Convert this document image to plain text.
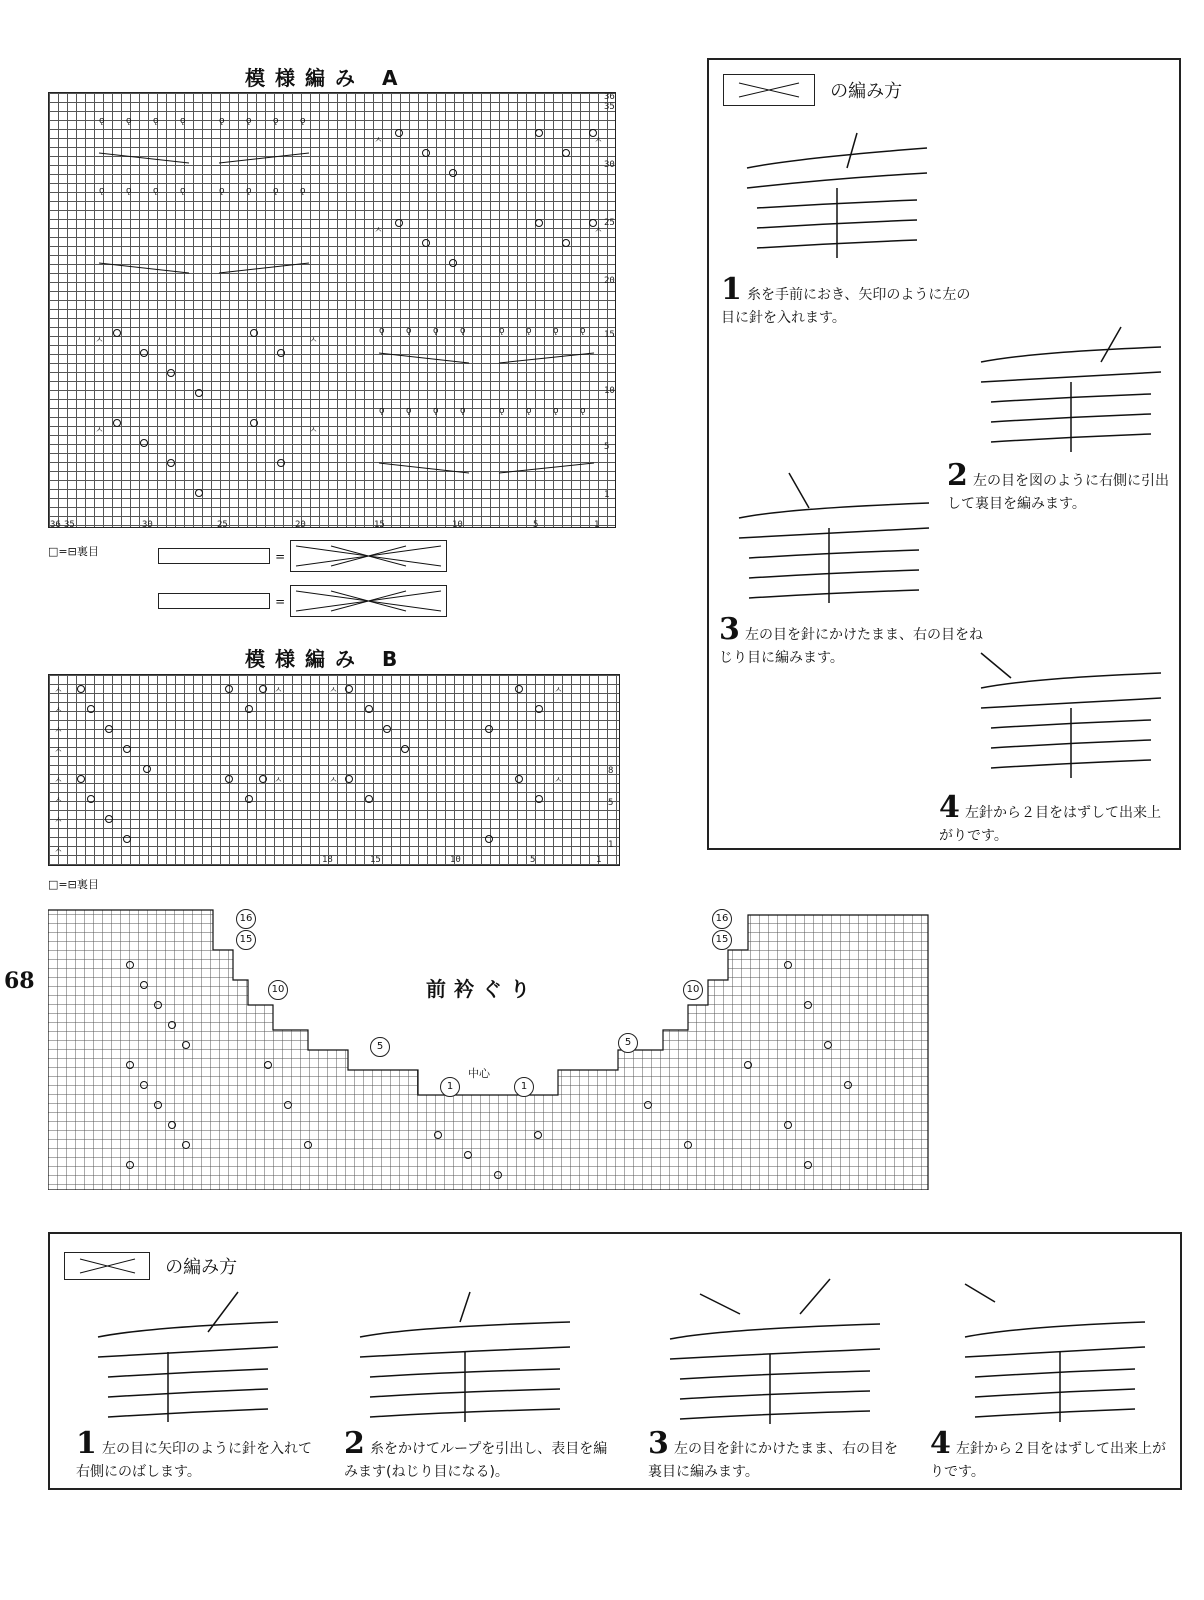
68
模様編み A
ǫ ǫ ǫ ǫ	ǫ ǫ ǫ ǫ
ǫ ǫ ǫ ǫ	ǫ ǫ ǫ ǫ
ǫ ǫ ǫ ǫ	ǫ ǫ ǫ ǫ
ǫ ǫ ǫ ǫ	ǫ ǫ ǫ ǫ
ㅅ	ㅅ
ㅅ	ㅅ
ㅅ	ㅅ
ㅅ	ㅅ
36
35
30
25
20
15
10
5
1
36 35	30	25	20	15	10	5	1
□=⊟裏目	=
=
模様編み B
ㅅ
ㅅ
ㅅ
ㅅ
ㅅ
ㅅ
ㅅ
ㅅ
ㅅ
ㅅ
ㅅ
ㅅ
ㅅ
ㅅ
8
5
1
18	15	10	5	1
□=⊟裏目
前衿ぐり
中心
16
15
10
5
1	1
5
10
16
15
の編み方
1 糸を手前におき、矢印のように左の目に針を入れます。
2 左の目を図のように右側に引出して裏目を編みます。
3 左の目を針にかけたまま、右の目をねじり目に編みます。
4 左針から２目をはずして出来上がりです。
の編み方
1 左の目に矢印のように針を入れて右側にのばします。
2 糸をかけてループを引出し、表目を編みます(ねじり目になる)。
3 左の目を針にかけたまま、右の目を裏目に編みます。
4 左針から２目をはずして出来上がりです。
